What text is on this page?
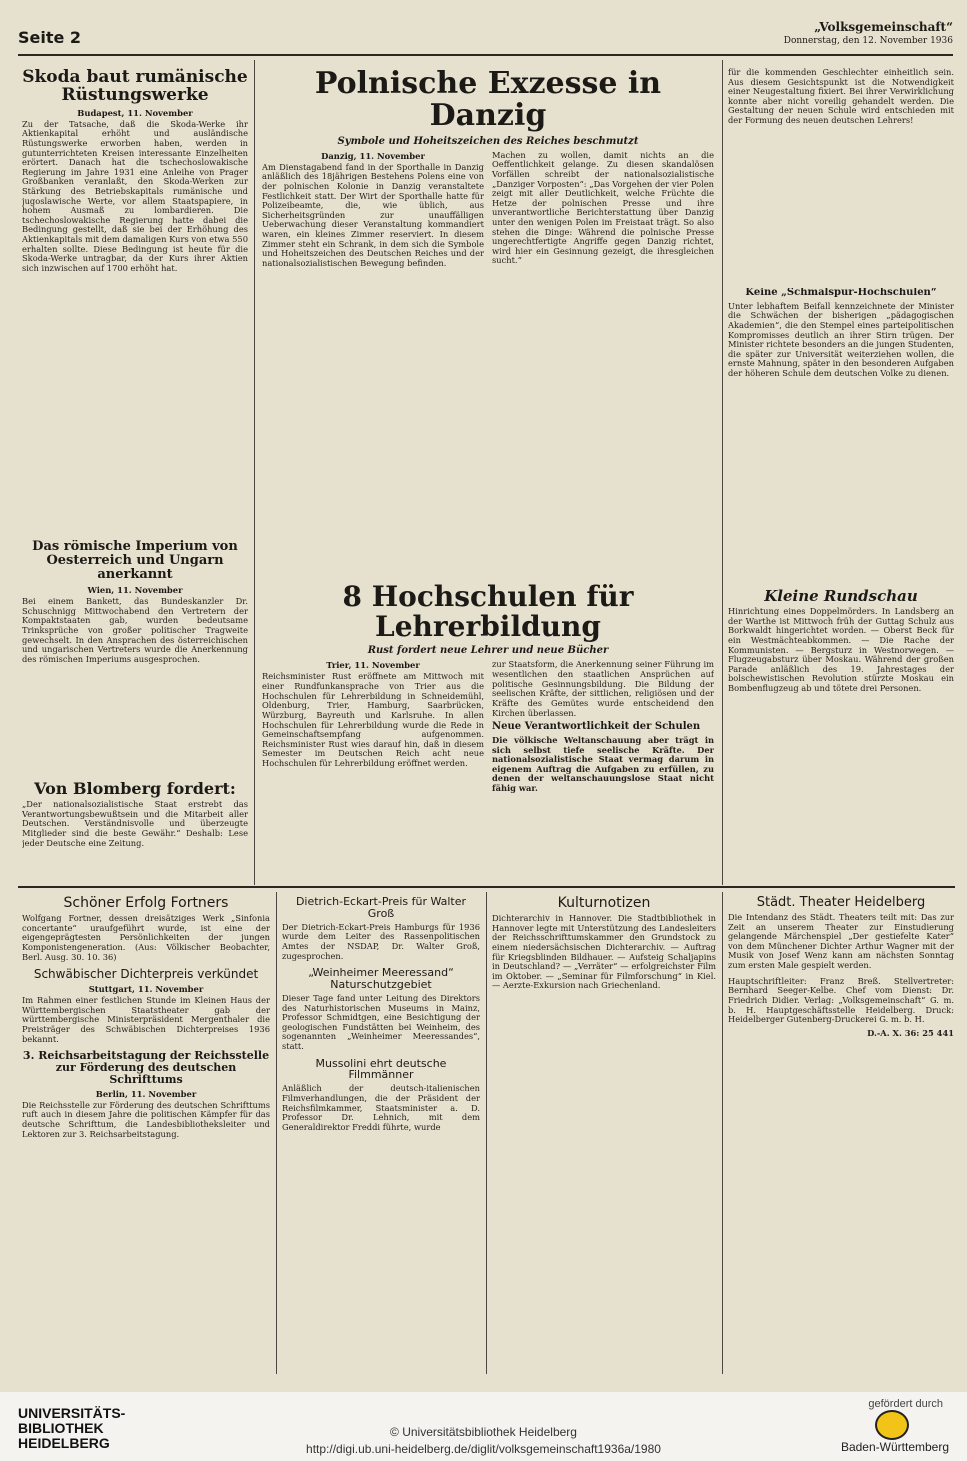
Seite 2
„Volksgemeinschaft“
Donnerstag, den 12. November 1936
Skoda baut rumänische Rüstungswerke
Budapest, 11. November
Zu der Tatsache, daß die Skoda-Werke ihr Aktienkapital erhöht und ausländische Rüstungswerke erworben haben, werden in gutunterrichteten Kreisen interessante Einzelheiten erörtert. Danach hat die tschechoslowakische Regierung im Jahre 1931 eine Anleihe von Prager Großbanken veranlaßt, den Skoda-Werken zur Stärkung des Betriebskapitals rumänische und jugoslawische Werte, vor allem Staatspapiere, in hohem Ausmaß zu lombardieren. Die tschechoslowakische Regierung hatte dabei die Bedingung gestellt, daß sie bei der Erhöhung des Aktienkapitals mit dem damaligen Kurs von etwa 550 erhalten sollte. Diese Bedingung ist heute für die Skoda-Werke untragbar, da der Kurs ihrer Aktien sich inzwischen auf 1700 erhöht hat.
Das römische Imperium von Oesterreich und Ungarn anerkannt
Wien, 11. November
Bei einem Bankett, das Bundeskanzler Dr. Schuschnigg Mittwochabend den Vertretern der Kompaktstaaten gab, wurden bedeutsame Trinksprüche von großer politischer Tragweite gewechselt. In den Ansprachen des österreichischen und ungarischen Vertreters wurde die Anerkennung des römischen Imperiums ausgesprochen.
Von Blomberg fordert:
„Der nationalsozialistische Staat erstrebt das Verantwortungsbewußtsein und die Mitarbeit aller Deutschen. Verständnisvolle und überzeugte Mitglieder sind die beste Gewähr.“ Deshalb: Lese jeder Deutsche eine Zeitung.
Polnische Exzesse in Danzig
Symbole und Hoheitszeichen des Reiches beschmutzt
Danzig, 11. November
Am Dienstagabend fand in der Sporthalle in Danzig anläßlich des 18jährigen Bestehens Polens eine von der polnischen Kolonie in Danzig veranstaltete Festlichkeit statt. Der Wirt der Sporthalle hatte für Polizeibeamte, die, wie üblich, aus Sicherheitsgründen zur unauffälligen Ueberwachung dieser Veranstaltung kommandiert waren, ein kleines Zimmer reserviert. In diesem Zimmer steht ein Schrank, in dem sich die Symbole und Hoheitszeichen des Deutschen Reiches und der nationalsozialistischen Bewegung befinden.
Machen zu wollen, damit nichts an die Oeffentlichkeit gelange. Zu diesen skandalösen Vorfällen schreibt der nationalsozialistische „Danziger Vorposten“: „Das Vorgehen der vier Polen zeigt mit aller Deutlichkeit, welche Früchte die Hetze der polnischen Presse und ihre unverantwortliche Berichterstattung über Danzig unter den wenigen Polen im Freistaat trägt. So also stehen die Dinge: Während die polnische Presse ungerechtfertigte Angriffe gegen Danzig richtet, wird hier ein Gesinnung gezeigt, die ihresgleichen sucht.“
8 Hochschulen für Lehrerbildung
Rust fordert neue Lehrer und neue Bücher
Trier, 11. November
Reichsminister Rust eröffnete am Mittwoch mit einer Rundfunkansprache von Trier aus die Hochschulen für Lehrerbildung in Schneidemühl, Oldenburg, Trier, Hamburg, Saarbrücken, Würzburg, Bayreuth und Karlsruhe. In allen Hochschulen für Lehrerbildung wurde die Rede in Gemeinschaftsempfang aufgenommen. Reichsminister Rust wies darauf hin, daß in diesem Semester im Deutschen Reich acht neue Hochschulen für Lehrerbildung eröffnet werden.
zur Staatsform, die Anerkennung seiner Führung im wesentlichen den staatlichen Ansprüchen auf politische Gesinnungsbildung. Die Bildung der seelischen Kräfte, der sittlichen, religiösen und der Kräfte des Gemütes wurde entscheidend den Kirchen überlassen.
Neue Verantwortlichkeit der Schulen
Die völkische Weltanschauung aber trägt in sich selbst tiefe seelische Kräfte. Der nationalsozialistische Staat vermag darum in eigenem Auftrag die Aufgaben zu erfüllen, zu denen der weltanschauungslose Staat nicht fähig war.
für die kommenden Geschlechter einheitlich sein. Aus diesem Gesichtspunkt ist die Notwendigkeit einer Neugestaltung fixiert. Bei ihrer Verwirklichung konnte aber nicht voreilig gehandelt werden. Die Gestaltung der neuen Schule wird entschieden mit der Formung des neuen deutschen Lehrers!
Keine „Schmalspur-Hochschulen“
Unter lebhaftem Beifall kennzeichnete der Minister die Schwächen der bisherigen „pädagogischen Akademien“, die den Stempel eines parteipolitischen Kompromisses deutlich an ihrer Stirn trügen. Der Minister richtete besonders an die jungen Studenten, die später zur Universität weiterziehen wollen, die ernste Mahnung, später in den besonderen Aufgaben der höheren Schule dem deutschen Volke zu dienen.
Kleine Rundschau
Hinrichtung eines Doppelmörders. In Landsberg an der Warthe ist Mittwoch früh der Guttag Schulz aus Borkwaldt hingerichtet worden. — Oberst Beck für ein Westmächteabkommen. — Die Rache der Kommunisten. — Bergsturz in Westnorwegen. — Flugzeugabsturz über Moskau. Während der großen Parade anläßlich des 19. Jahrestages der bolschewistischen Revolution stürzte Moskau ein Bombenflugzeug ab und tötete drei Personen.
Schöner Erfolg Fortners
Wolfgang Fortner, dessen dreisätziges Werk „Sinfonia concertante“ uraufgeführt wurde, ist eine der eigengeprägtesten Persönlichkeiten der jungen Komponistengeneration. (Aus: Völkischer Beobachter, Berl. Ausg. 30. 10. 36)
Schwäbischer Dichterpreis verkündet
Stuttgart, 11. November
Im Rahmen einer festlichen Stunde im Kleinen Haus der Württembergischen Staatstheater gab der württembergische Ministerpräsident Mergenthaler die Preisträger des Schwäbischen Dichterpreises 1936 bekannt.
3. Reichsarbeitstagung der Reichsstelle zur Förderung des deutschen Schrifttums
Berlin, 11. November
Die Reichsstelle zur Förderung des deutschen Schrifttums ruft auch in diesem Jahre die politischen Kämpfer für das deutsche Schrifttum, die Landesbibliotheksleiter und Lektoren zur 3. Reichsarbeitstagung.
Dietrich-Eckart-Preis für Walter Groß
Der Dietrich-Eckart-Preis Hamburgs für 1936 wurde dem Leiter des Rassenpolitischen Amtes der NSDAP, Dr. Walter Groß, zugesprochen.
„Weinheimer Meeressand“ Naturschutzgebiet
Dieser Tage fand unter Leitung des Direktors des Naturhistorischen Museums in Mainz, Professor Schmidtgen, eine Besichtigung der geologischen Fundstätten bei Weinheim, des sogenannten „Weinheimer Meeressandes“, statt.
Mussolini ehrt deutsche Filmmänner
Anläßlich der deutsch-italienischen Filmverhandlungen, die der Präsident der Reichsfilmkammer, Staatsminister a. D. Professor Dr. Lehnich, mit dem Generaldirektor Freddi führte, wurde
Kulturnotizen
Dichterarchiv in Hannover. Die Stadtbibliothek in Hannover legte mit Unterstützung des Landesleiters der Reichsschrifttumskammer den Grundstock zu einem niedersächsischen Dichterarchiv. — Auftrag für Kriegsblinden Bildhauer. — Aufsteig Schaljapins in Deutschland? — „Verräter“ — erfolgreichster Film im Oktober. — „Seminar für Filmforschung“ in Kiel. — Aerzte-Exkursion nach Griechenland.
Städt. Theater Heidelberg
Die Intendanz des Städt. Theaters teilt mit: Das zur Zeit an unserem Theater zur Einstudierung gelangende Märchenspiel „Der gestiefelte Kater“ von dem Münchener Dichter Arthur Wagner mit der Musik von Josef Wenz kann am nächsten Sonntag zum ersten Male gespielt werden.
Hauptschriftleiter: Franz Breß. Stellvertreter: Bernhard Seeger-Kelbe. Chef vom Dienst: Dr. Friedrich Didier. Verlag: „Volksgemeinschaft“ G. m. b. H. Hauptgeschäftsstelle Heidelberg. Druck: Heidelberger Gutenberg-Druckerei G. m. b. H.
D.-A. X. 36: 25 441
UNIVERSITÄTS-
BIBLIOTHEK
HEIDELBERG
© Universitätsbibliothek Heidelberg
http://digi.ub.uni-heidelberg.de/diglit/volksgemeinschaft1936a/1980
gefördert durch
Baden-Württemberg
